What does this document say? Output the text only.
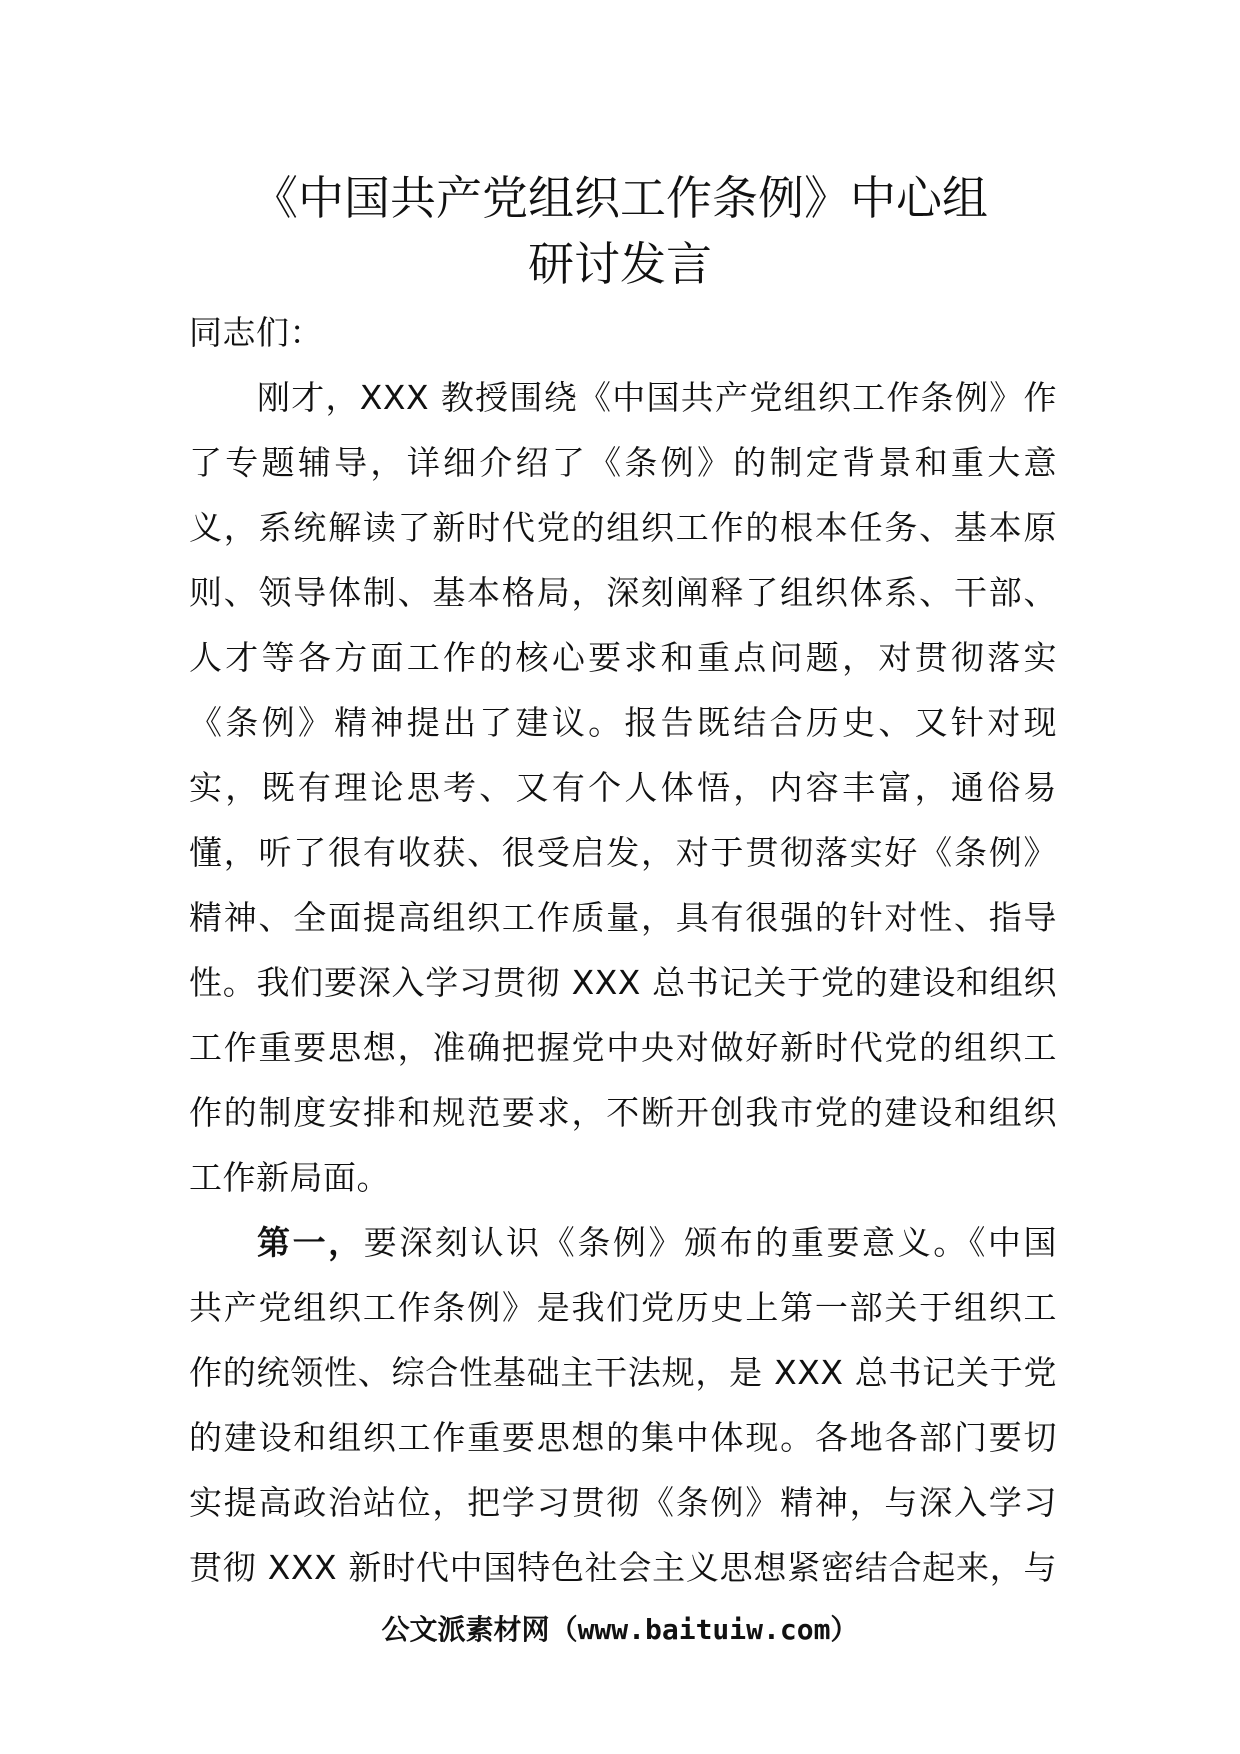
《中国共产党组织工作条例》中心组
研讨发言
同志们：
刚才，XXX 教授围绕《中国共产党组织工作条例》作
了专题辅导，详细介绍了《条例》的制定背景和重大意
义，系统解读了新时代党的组织工作的根本任务、基本原
则、领导体制、基本格局，深刻阐释了组织体系、干部、
人才等各方面工作的核心要求和重点问题，对贯彻落实
《条例》精神提出了建议。报告既结合历史、又针对现
实，既有理论思考、又有个人体悟，内容丰富，通俗易
懂，听了很有收获、很受启发，对于贯彻落实好《条例》
精神、全面提高组织工作质量，具有很强的针对性、指导
性。我们要深入学习贯彻 XXX 总书记关于党的建设和组织
工作重要思想，准确把握党中央对做好新时代党的组织工
作的制度安排和规范要求，不断开创我市党的建设和组织
工作新局面。
第一，要深刻认识《条例》颁布的重要意义。《中国
共产党组织工作条例》是我们党历史上第一部关于组织工
作的统领性、综合性基础主干法规，是 XXX 总书记关于党
的建设和组织工作重要思想的集中体现。各地各部门要切
实提高政治站位，把学习贯彻《条例》精神，与深入学习
贯彻 XXX 新时代中国特色社会主义思想紧密结合起来，与
公文派素材网（www.baituiw.com）
